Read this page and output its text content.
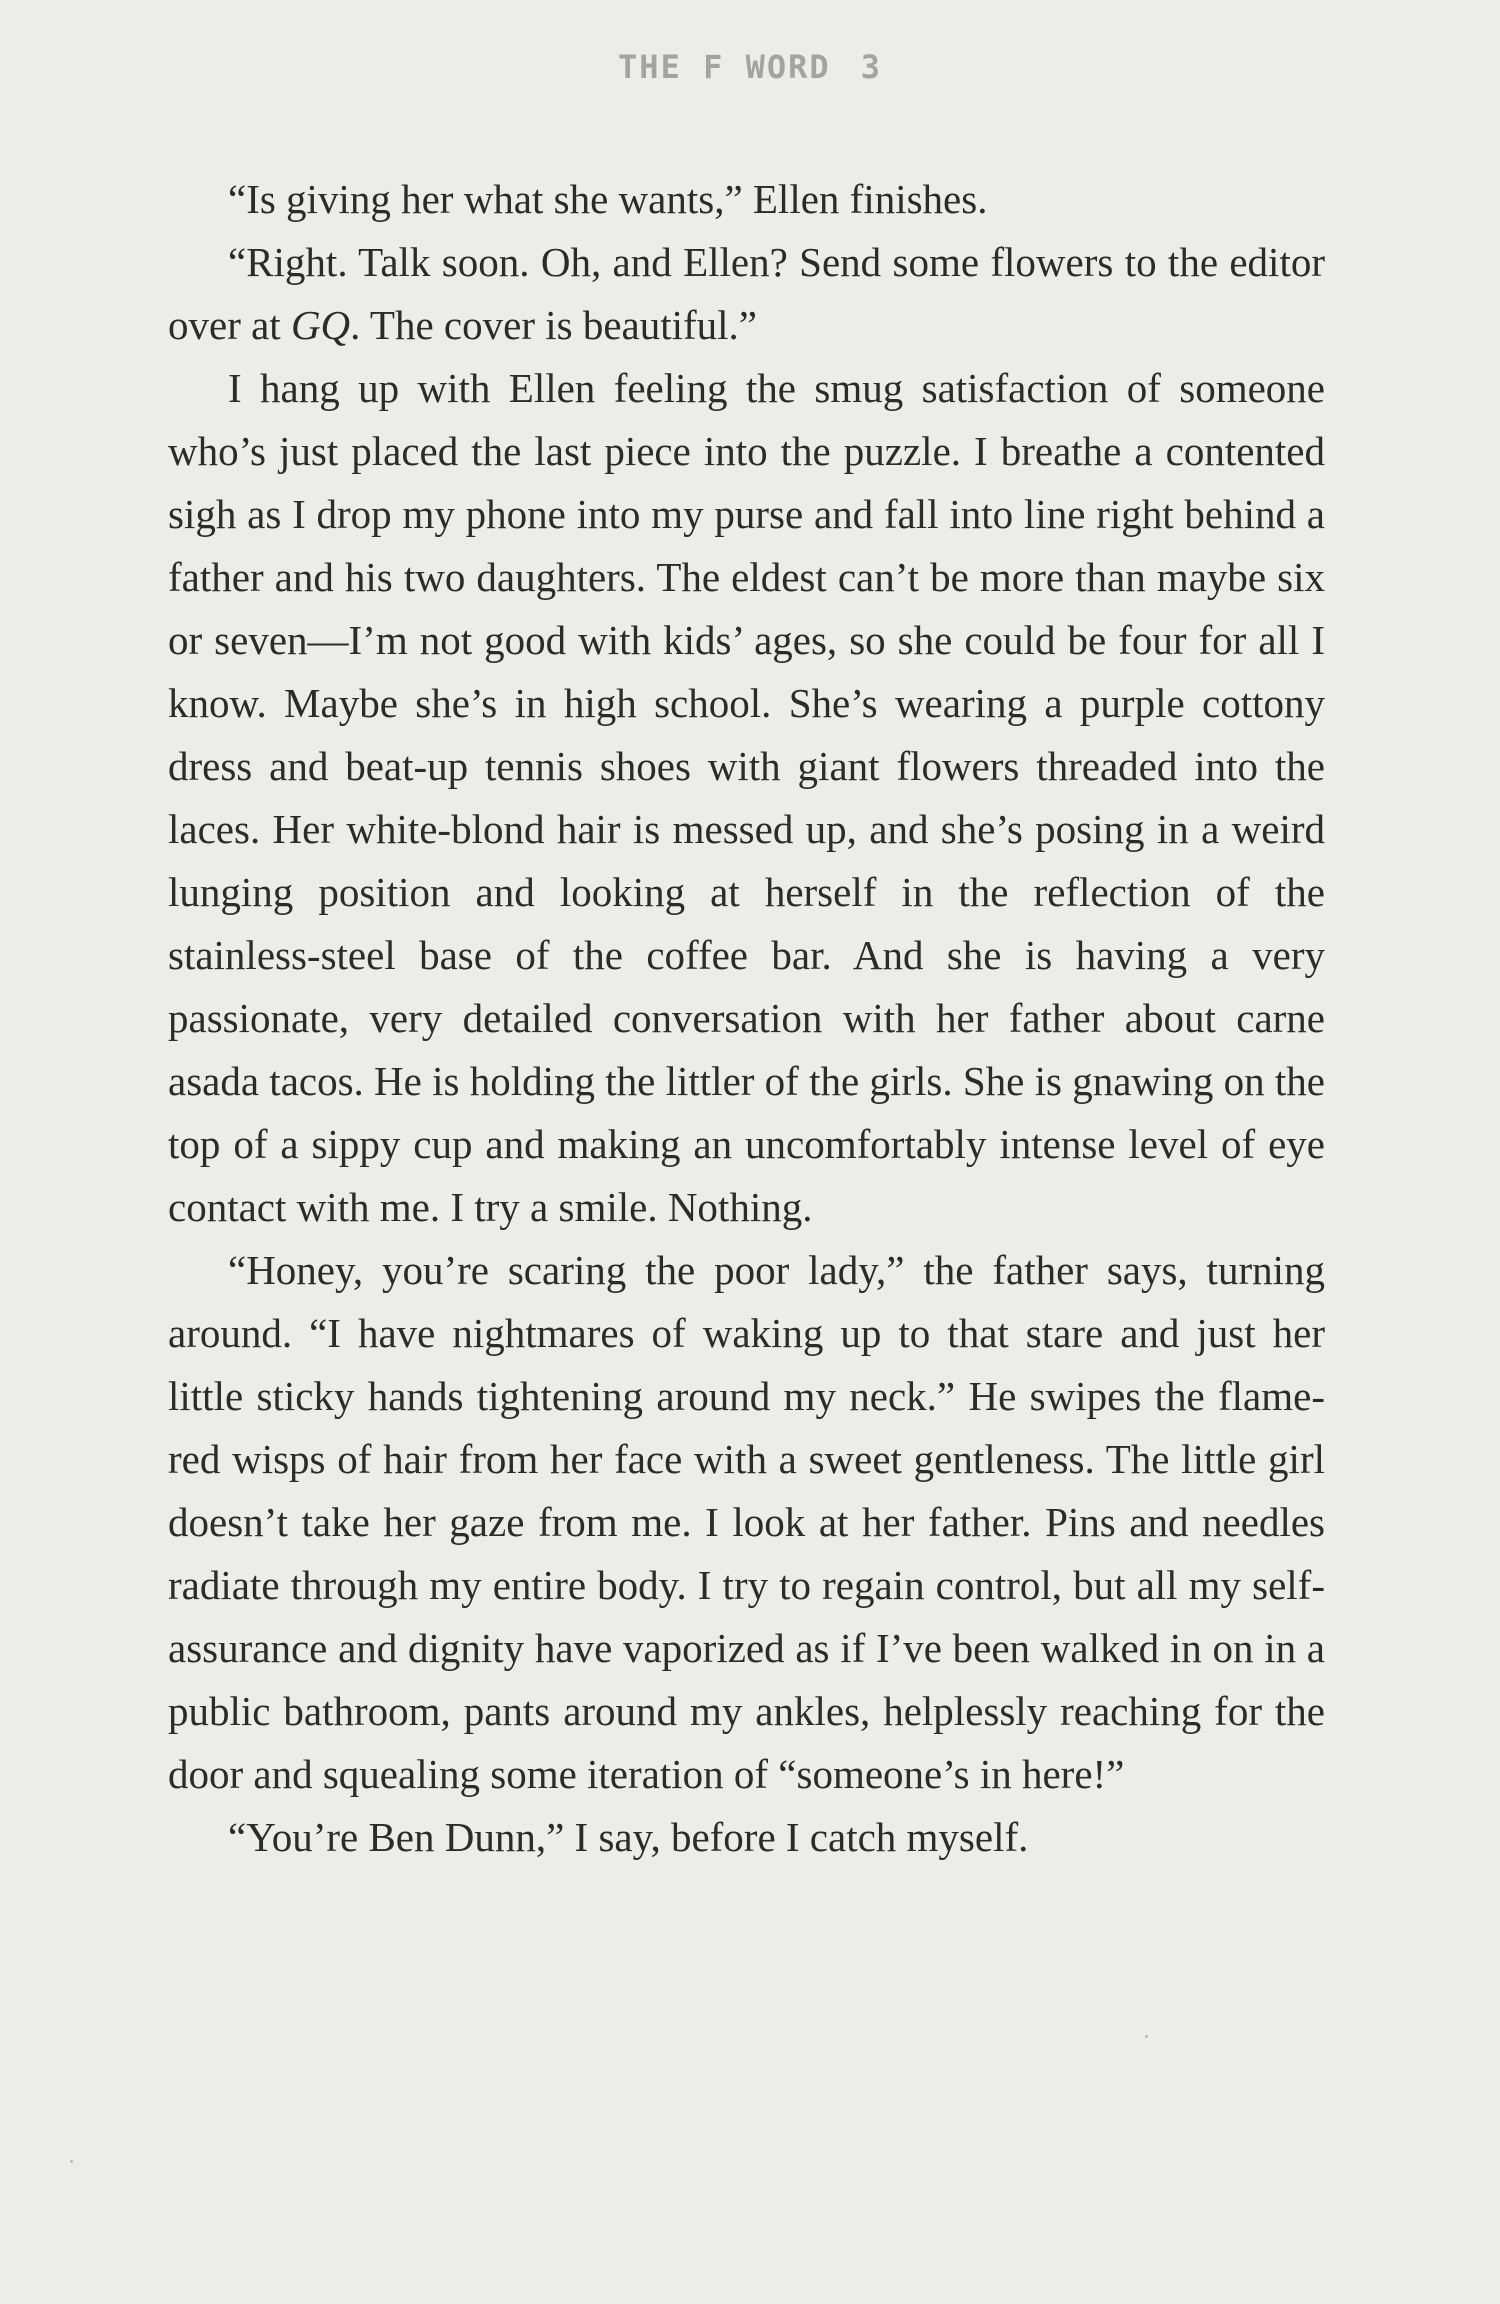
THE F WORD 3

“Is giving her what she wants,” Ellen finishes.

“Right. Talk soon. Oh, and Ellen? Send some flowers to the editor over at GQ. The cover is beautiful.”

I hang up with Ellen feeling the smug satisfaction of someone who’s just placed the last piece into the puzzle. I breathe a contented sigh as I drop my phone into my purse and fall into line right behind a father and his two daughters. The eldest can’t be more than maybe six or seven—I’m not good with kids’ ages, so she could be four for all I know. Maybe she’s in high school. She’s wearing a purple cottony dress and beat-up tennis shoes with giant flowers threaded into the laces. Her white-blond hair is messed up, and she’s posing in a weird lunging position and looking at herself in the reflection of the stainless-steel base of the coffee bar. And she is having a very passionate, very detailed conversation with her father about carne asada tacos. He is holding the littler of the girls. She is gnawing on the top of a sippy cup and making an uncomfortably intense level of eye contact with me. I try a smile. Nothing.

“Honey, you’re scaring the poor lady,” the father says, turning around. “I have nightmares of waking up to that stare and just her little sticky hands tightening around my neck.” He swipes the flame-red wisps of hair from her face with a sweet gentleness. The little girl doesn’t take her gaze from me. I look at her father. Pins and needles radiate through my entire body. I try to regain control, but all my self-assurance and dignity have vaporized as if I’ve been walked in on in a public bathroom, pants around my ankles, helplessly reaching for the door and squealing some iteration of “someone’s in here!”

“You’re Ben Dunn,” I say, before I catch myself.
